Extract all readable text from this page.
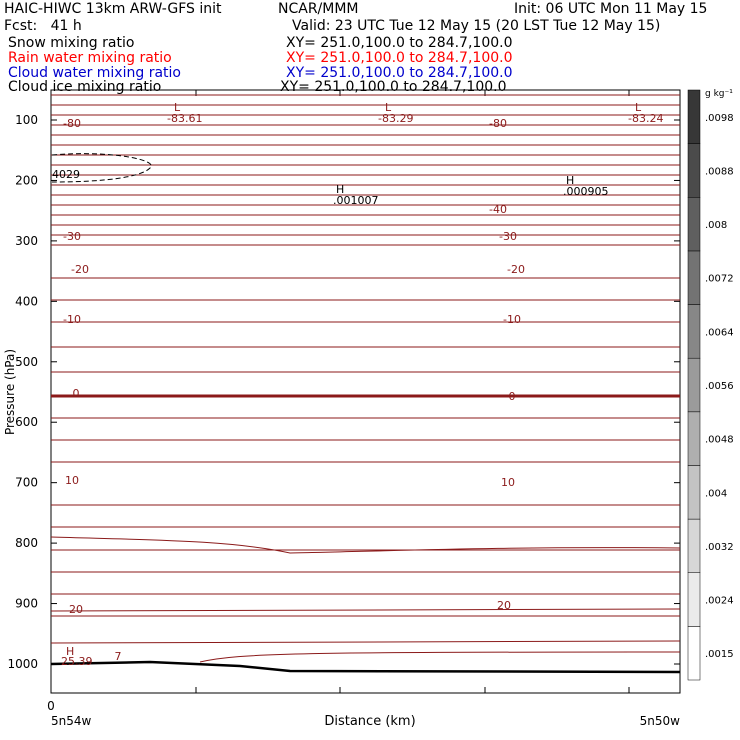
HAIC-HIWC 13km ARW-GFS init	NCAR/MMM	Init: 06 UTC Mon 11 May 15
Fcst:   41 h	Valid: 23 UTC Tue 12 May 15 (20 LST Tue 12 May 15)
Snow mixing ratio	XY= 251.0,100.0 to 284.7,100.0
Rain water mixing ratio	XY= 251.0,100.0 to 284.7,100.0
Cloud water mixing ratio	XY= 251.0,100.0 to 284.7,100.0
Cloud ice mixing ratio	XY= 251.0,100.0 to 284.7,100.0
100
200
300
400
500
600
700
800
900
1000
-80	-80
-40
-30	-30
-20	-20
-10	-10
0	0
10	10
20	20
7
Pressure (hPa)
Distance (km)
0
5n54w	5n50w
.0015
.0024
.0032
.004
.0048
.0056
.0064
.0072
.008
.0088
.0098
g kg⁻¹
L
-83.61
L
-83.29
L
-83.24
H
.001007
H
.000905
H
25.39
4029
